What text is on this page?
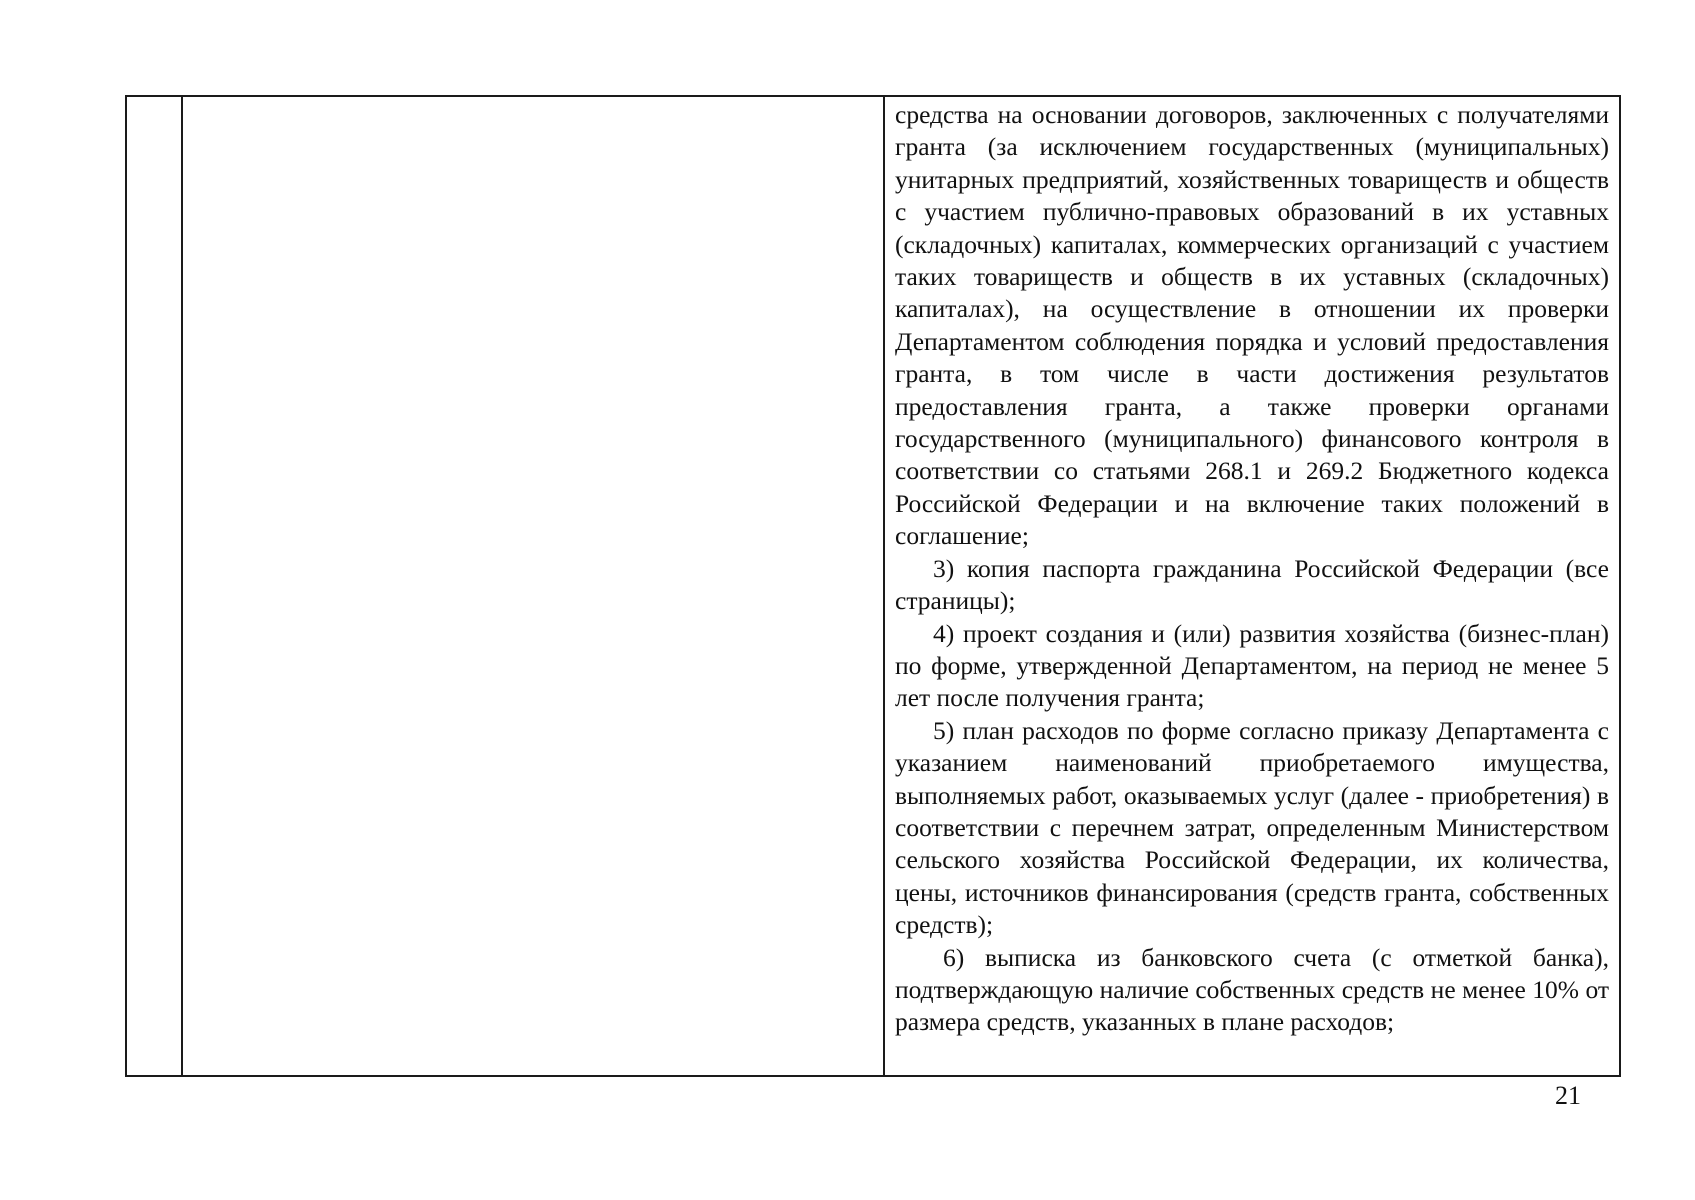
средства на основании договоров, заключенных с получателями гранта (за исключением государственных (муниципальных) унитарных предприятий, хозяйственных товариществ и обществ с участием публично-правовых образований в их уставных (складочных) капиталах, коммерческих организаций с участием таких товариществ и обществ в их уставных (складочных) капиталах), на осуществление в отношении их проверки Департаментом соблюдения порядка и условий предоставления гранта, в том числе в части достижения результатов предоставления гранта, а также проверки органами государственного (муниципального) финансового контроля в соответствии со статьями 268.1 и 269.2 Бюджетного кодекса Российской Федерации и на включение таких положений в соглашение;

3) копия паспорта гражданина Российской Федерации (все страницы);

4) проект создания и (или) развития хозяйства (бизнес-план) по форме, утвержденной Департаментом, на период не менее 5 лет после получения гранта;

5) план расходов по форме согласно приказу Департамента с указанием наименований приобретаемого имущества, выполняемых работ, оказываемых услуг (далее - приобретения) в соответствии с перечнем затрат, определенным Министерством сельского хозяйства Российской Федерации, их количества, цены, источников финансирования (средств гранта, собственных средств);

6) выписка из банковского счета (с отметкой банка), подтверждающую наличие собственных средств не менее 10% от размера средств, указанных в плане расходов;

21
